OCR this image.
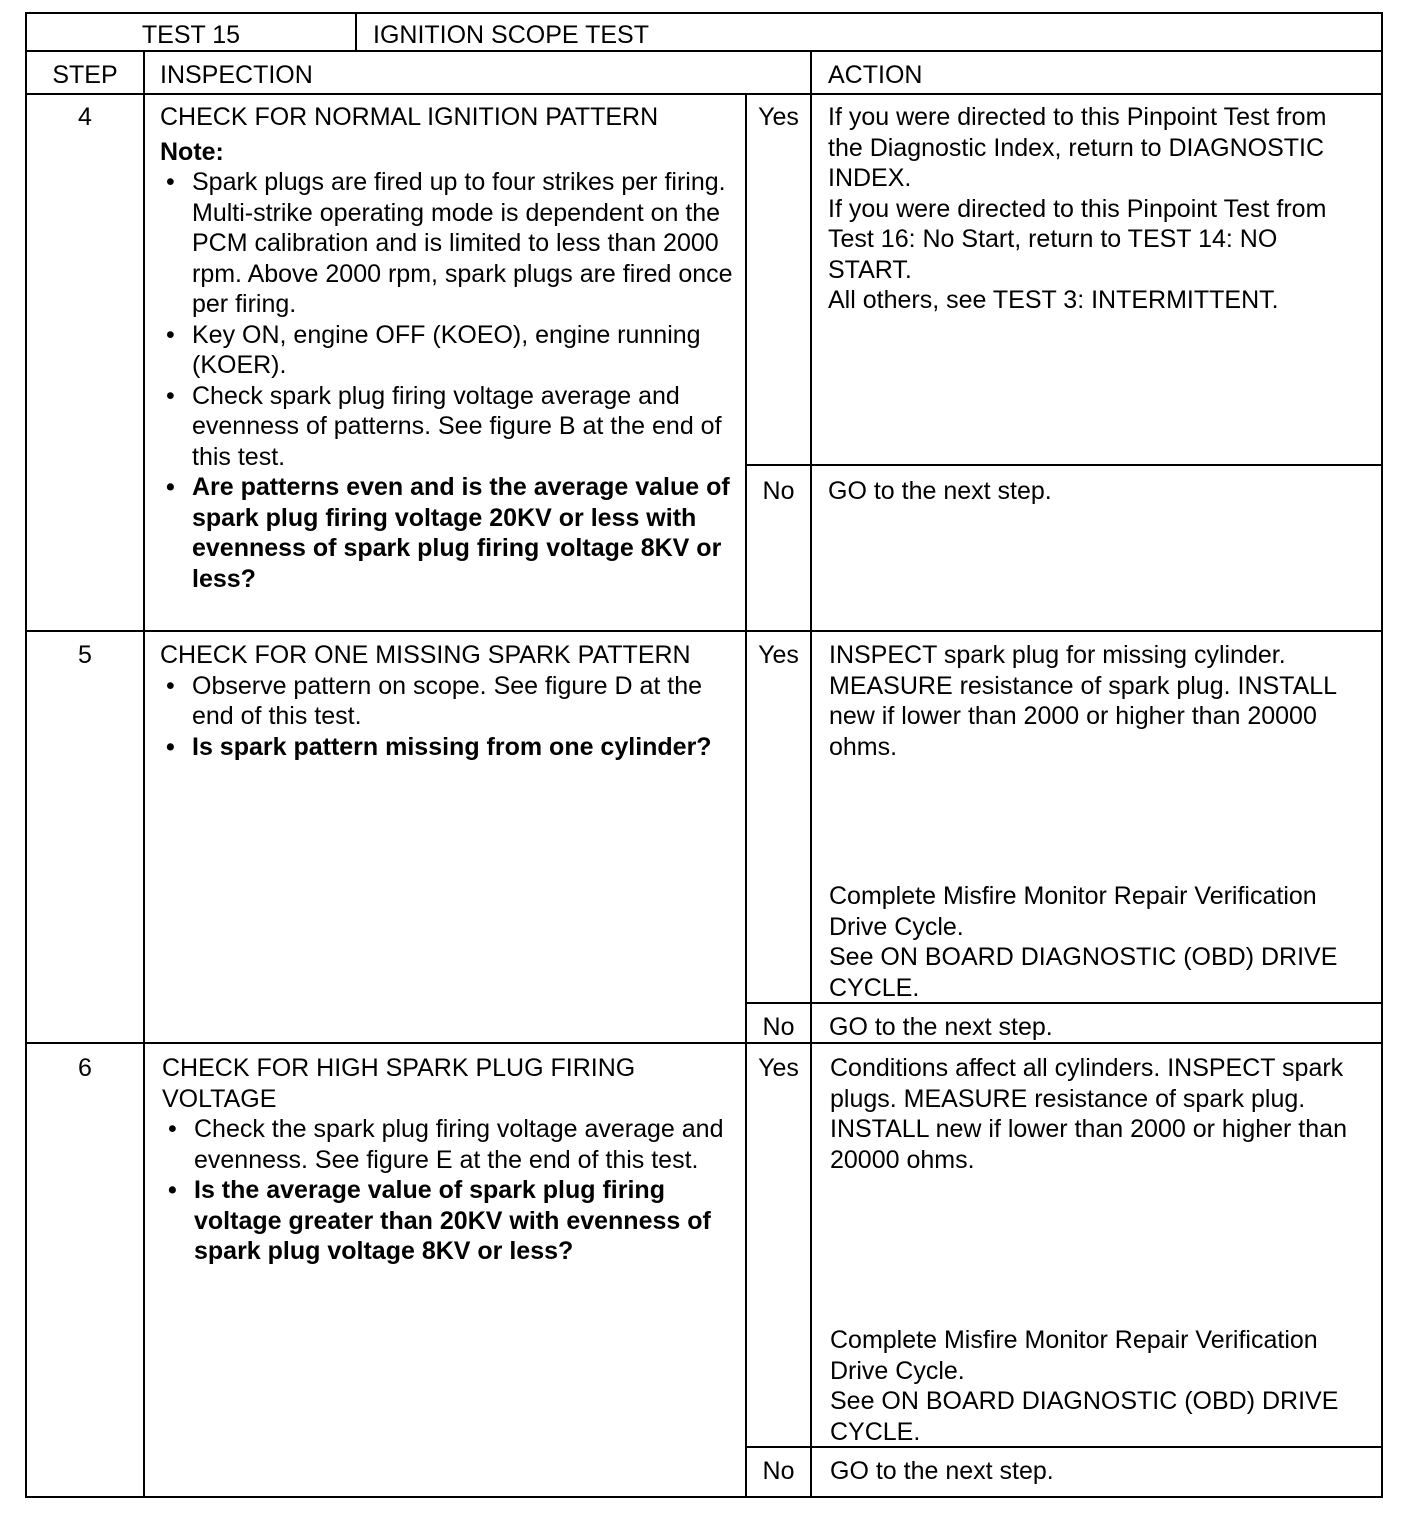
TEST 15	IGNITION SCOPE TEST
STEP	INSPECTION	ACTION
4	CHECK FOR NORMAL IGNITION PATTERN

Note:

• Spark plugs are fired up to four strikes per firing. Multi-strike operating mode is dependent on the PCM calibration and is limited to less than 2000 rpm. Above 2000 rpm, spark plugs are fired once per firing.
• Key ON, engine OFF (KOEO), engine running (KOER).
• Check spark plug firing voltage average and evenness of patterns. See figure B at the end of this test.
• Are patterns even and is the average value of spark plug firing voltage 20KV or less with evenness of spark plug firing voltage 8KV or less?
Yes	If you were directed to this Pinpoint Test from the Diagnostic Index, return to DIAGNOSTIC INDEX.

If you were directed to this Pinpoint Test from Test 16: No Start, return to TEST 14: NO START.

All others, see TEST 3: INTERMITTENT.

No	GO to the next step.
5	CHECK FOR ONE MISSING SPARK PATTERN

• Observe pattern on scope. See figure D at the end of this test.
• Is spark pattern missing from one cylinder?
Yes	INSPECT spark plug for missing cylinder. MEASURE resistance of spark plug. INSTALL new if lower than 2000 or higher than 20000 ohms.

Complete Misfire Monitor Repair Verification Drive Cycle.

See ON BOARD DIAGNOSTIC (OBD) DRIVE CYCLE.

No	GO to the next step.
6	CHECK FOR HIGH SPARK PLUG FIRING VOLTAGE

• Check the spark plug firing voltage average and evenness. See figure E at the end of this test.
• Is the average value of spark plug firing voltage greater than 20KV with evenness of spark plug voltage 8KV or less?
Yes	Conditions affect all cylinders. INSPECT spark plugs. MEASURE resistance of spark plug. INSTALL new if lower than 2000 or higher than 20000 ohms.

Complete Misfire Monitor Repair Verification Drive Cycle.

See ON BOARD DIAGNOSTIC (OBD) DRIVE CYCLE.

No	GO to the next step.
